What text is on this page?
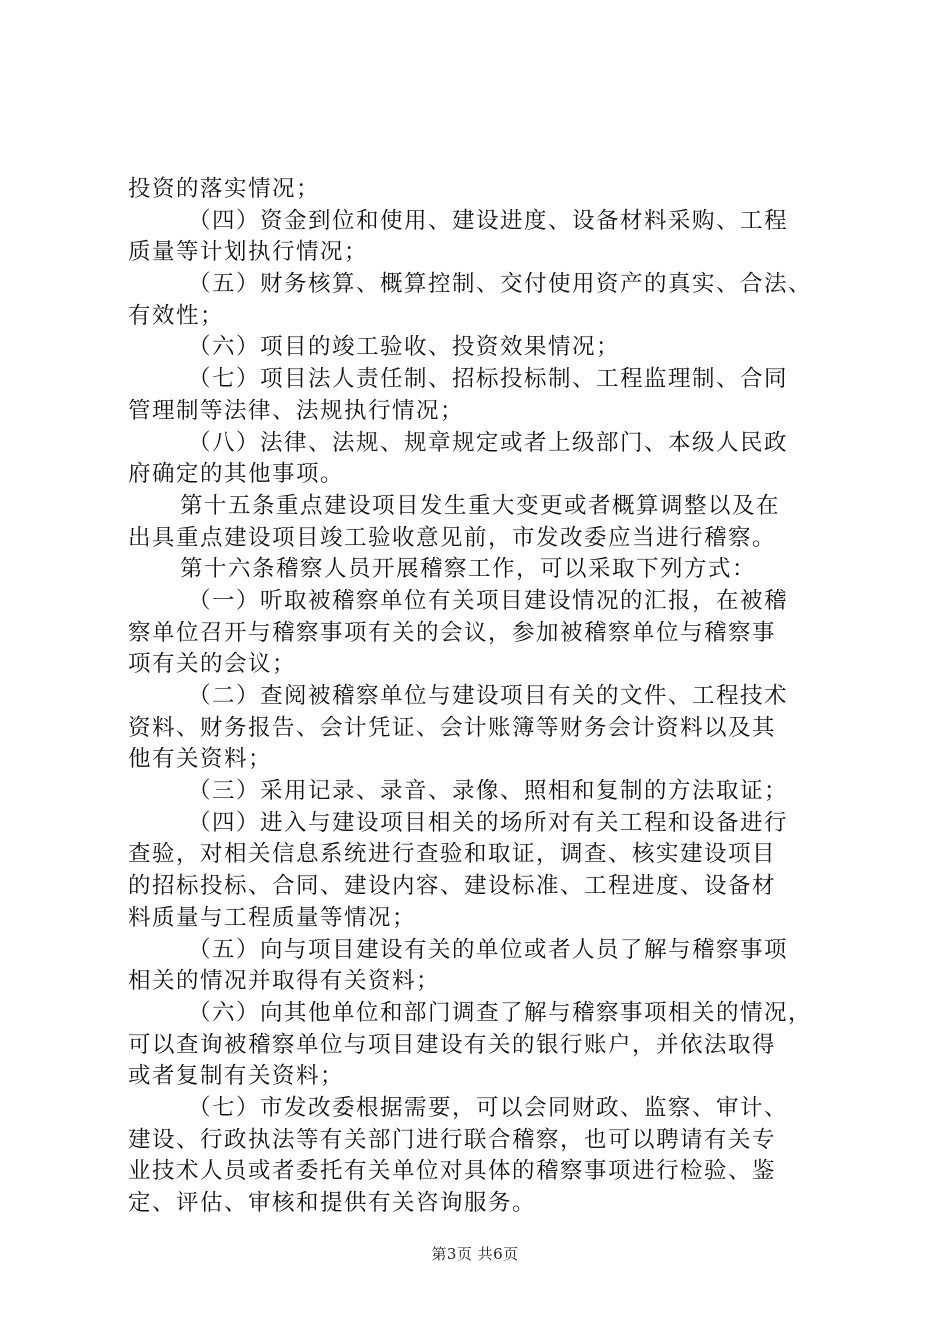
投资的落实情况；
（四）资金到位和使用、建设进度、设备材料采购、工程
质量等计划执行情况；
（五）财务核算、概算控制、交付使用资产的真实、合法、
有效性；
（六）项目的竣工验收、投资效果情况；
（七）项目法人责任制、招标投标制、工程监理制、合同
管理制等法律、法规执行情况；
（八）法律、法规、规章规定或者上级部门、本级人民政
府确定的其他事项。
第十五条重点建设项目发生重大变更或者概算调整以及在
出具重点建设项目竣工验收意见前，市发改委应当进行稽察。
第十六条稽察人员开展稽察工作，可以采取下列方式：
（一）听取被稽察单位有关项目建设情况的汇报，在被稽
察单位召开与稽察事项有关的会议，参加被稽察单位与稽察事
项有关的会议；
（二）查阅被稽察单位与建设项目有关的文件、工程技术
资料、财务报告、会计凭证、会计账簿等财务会计资料以及其
他有关资料；
（三）采用记录、录音、录像、照相和复制的方法取证；
（四）进入与建设项目相关的场所对有关工程和设备进行
查验，对相关信息系统进行查验和取证，调查、核实建设项目
的招标投标、合同、建设内容、建设标准、工程进度、设备材
料质量与工程质量等情况；
（五）向与项目建设有关的单位或者人员了解与稽察事项
相关的情况并取得有关资料；
（六）向其他单位和部门调查了解与稽察事项相关的情况，
可以查询被稽察单位与项目建设有关的银行账户，并依法取得
或者复制有关资料；
（七）市发改委根据需要，可以会同财政、监察、审计、
建设、行政执法等有关部门进行联合稽察，也可以聘请有关专
业技术人员或者委托有关单位对具体的稽察事项进行检验、鉴
定、评估、审核和提供有关咨询服务。
第3页 共6页
